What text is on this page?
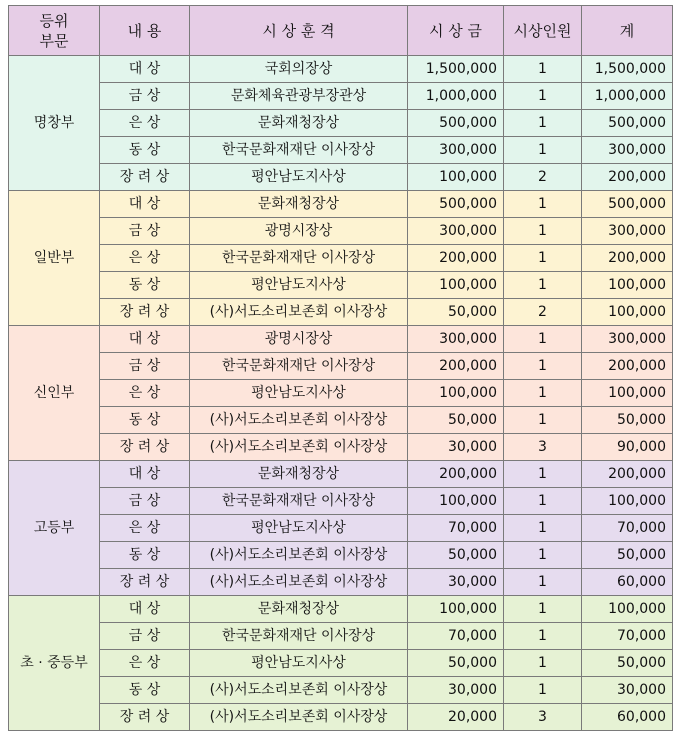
등위
부문	내 용	시 상 훈 격	시 상 금	시상인원	계
명창부	대 상	국회의장상	1,500,000	1	1,500,000
	금 상	문화체육관광부장관상	1,000,000	1	1,000,000
	은 상	문화재청장상	500,000	1	500,000
	동 상	한국문화재재단 이사장상	300,000	1	300,000
	장 려 상	평안남도지사상	100,000	2	200,000
일반부	대 상	문화재청장상	500,000	1	500,000
	금 상	광명시장상	300,000	1	300,000
	은 상	한국문화재재단 이사장상	200,000	1	200,000
	동 상	평안남도지사상	100,000	1	100,000
	장 려 상	(사)서도소리보존회 이사장상	50,000	2	100,000
신인부	대 상	광명시장상	300,000	1	300,000
	금 상	한국문화재재단 이사장상	200,000	1	200,000
	은 상	평안남도지사상	100,000	1	100,000
	동 상	(사)서도소리보존회 이사장상	50,000	1	50,000
	장 려 상	(사)서도소리보존회 이사장상	30,000	3	90,000
고등부	대 상	문화재청장상	200,000	1	200,000
	금 상	한국문화재재단 이사장상	100,000	1	100,000
	은 상	평안남도지사상	70,000	1	70,000
	동 상	(사)서도소리보존회 이사장상	50,000	1	50,000
	장 려 상	(사)서도소리보존회 이사장상	30,000	1	60,000
초 · 중등부	대 상	문화재청장상	100,000	1	100,000
	금 상	한국문화재재단 이사장상	70,000	1	70,000
	은 상	평안남도지사상	50,000	1	50,000
	동 상	(사)서도소리보존회 이사장상	30,000	1	30,000
	장 려 상	(사)서도소리보존회 이사장상	20,000	3	60,000
